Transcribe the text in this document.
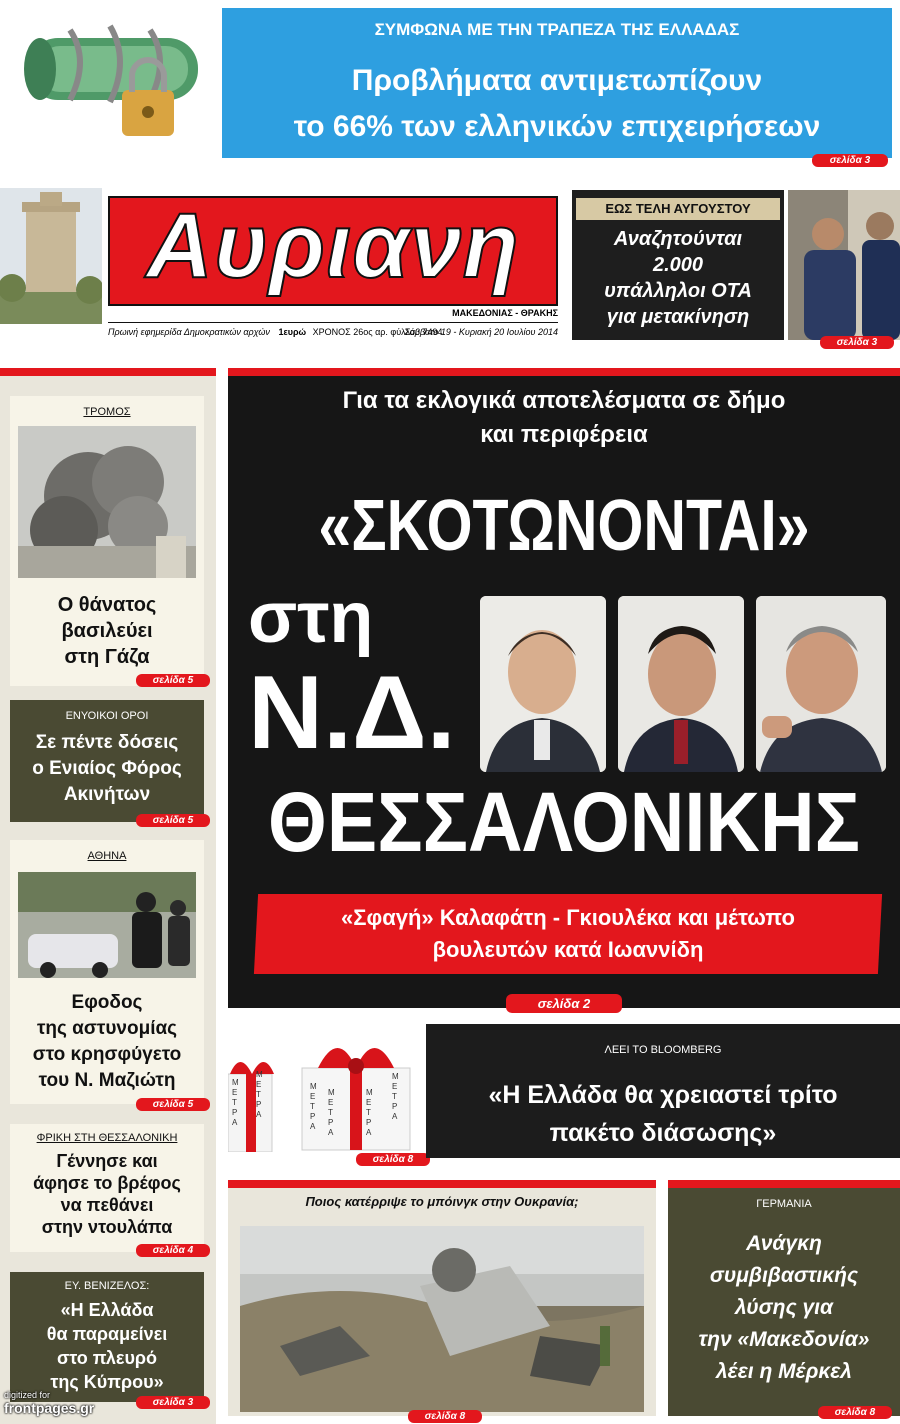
ΣΥΜΦΩΝΑ ΜΕ ΤΗΝ ΤΡΑΠΕΖΑ ΤΗΣ ΕΛΛΑΔΑΣ
Προβλήματα αντιμετωπίζουν
το 66% των ελληνικών επιχειρήσεων
σελίδα 3
Αυριανη
ΜΑΚΕΔΟΝΙΑΣ - ΘΡΑΚΗΣ
Πρωινή εφημερίδα Δημοκρατικών αρχών 1ευρώ ΧΡΟΝΟΣ 26ος αρ. φύλλου 7494
Σάββατο 19 - Κυριακή 20 Ιουλίου 2014
ΕΩΣ ΤΕΛΗ ΑΥΓΟΥΣΤΟΥ
Αναζητούνται
2.000
υπάλληλοι ΟΤΑ
για μετακίνηση
σελίδα 3
ΤΡΟΜΟΣ
Ο θάνατος
βασιλεύει
στη Γάζα
σελίδα 5
ΕΝΥΟΙΚΟΙ ΟΡΟΙ
Σε πέντε δόσεις
ο Ενιαίος Φόρος
Ακινήτων
σελίδα 5
ΑΘΗΝΑ
Εφοδος
της αστυνομίας
στο κρησφύγετο
του Ν. Μαζιώτη
σελίδα 5
ΦΡΙΚΗ ΣΤΗ ΘΕΣΣΑΛΟΝΙΚΗ
Γέννησε και
άφησε το βρέφος
να πεθάνει
στην ντουλάπα
σελίδα 4
ΕΥ. ΒΕΝΙΖΕΛΟΣ:
«Η Ελλάδα
θα παραμείνει
στο πλευρό
της Κύπρου»
σελίδα 3
Για τα εκλογικά αποτελέσματα σε δήμο
και περιφέρεια
«ΣΚΟΤΩΝΟΝΤΑΙ»
στη
Ν.Δ.
ΘΕΣΣΑΛΟΝΙΚΗΣ
«Σφαγή» Καλαφάτη - Γκιουλέκα και μέτωπο
βουλευτών κατά Ιωαννίδη
σελίδα 2
ΜΕΤΡΑ
ΜΕΤΡΑ
ΜΕΤΡΑ
ΜΕΤΡΑ
ΜΕΤΡΑ
ΜΕΤΡΑ
σελίδα 8
ΛΕΕΙ ΤΟ BLOOMBERG
«Η Ελλάδα θα χρειαστεί τρίτο
πακέτο διάσωσης»
Ποιος κατέρριψε το μπόινγκ στην Ουκρανία;
σελίδα 8
ΓΕΡΜΑΝΙΑ
Ανάγκη
συμβιβαστικής
λύσης για
την «Μακεδονία»
λέει η Μέρκελ
σελίδα 8
digitized for
frontpages.gr
